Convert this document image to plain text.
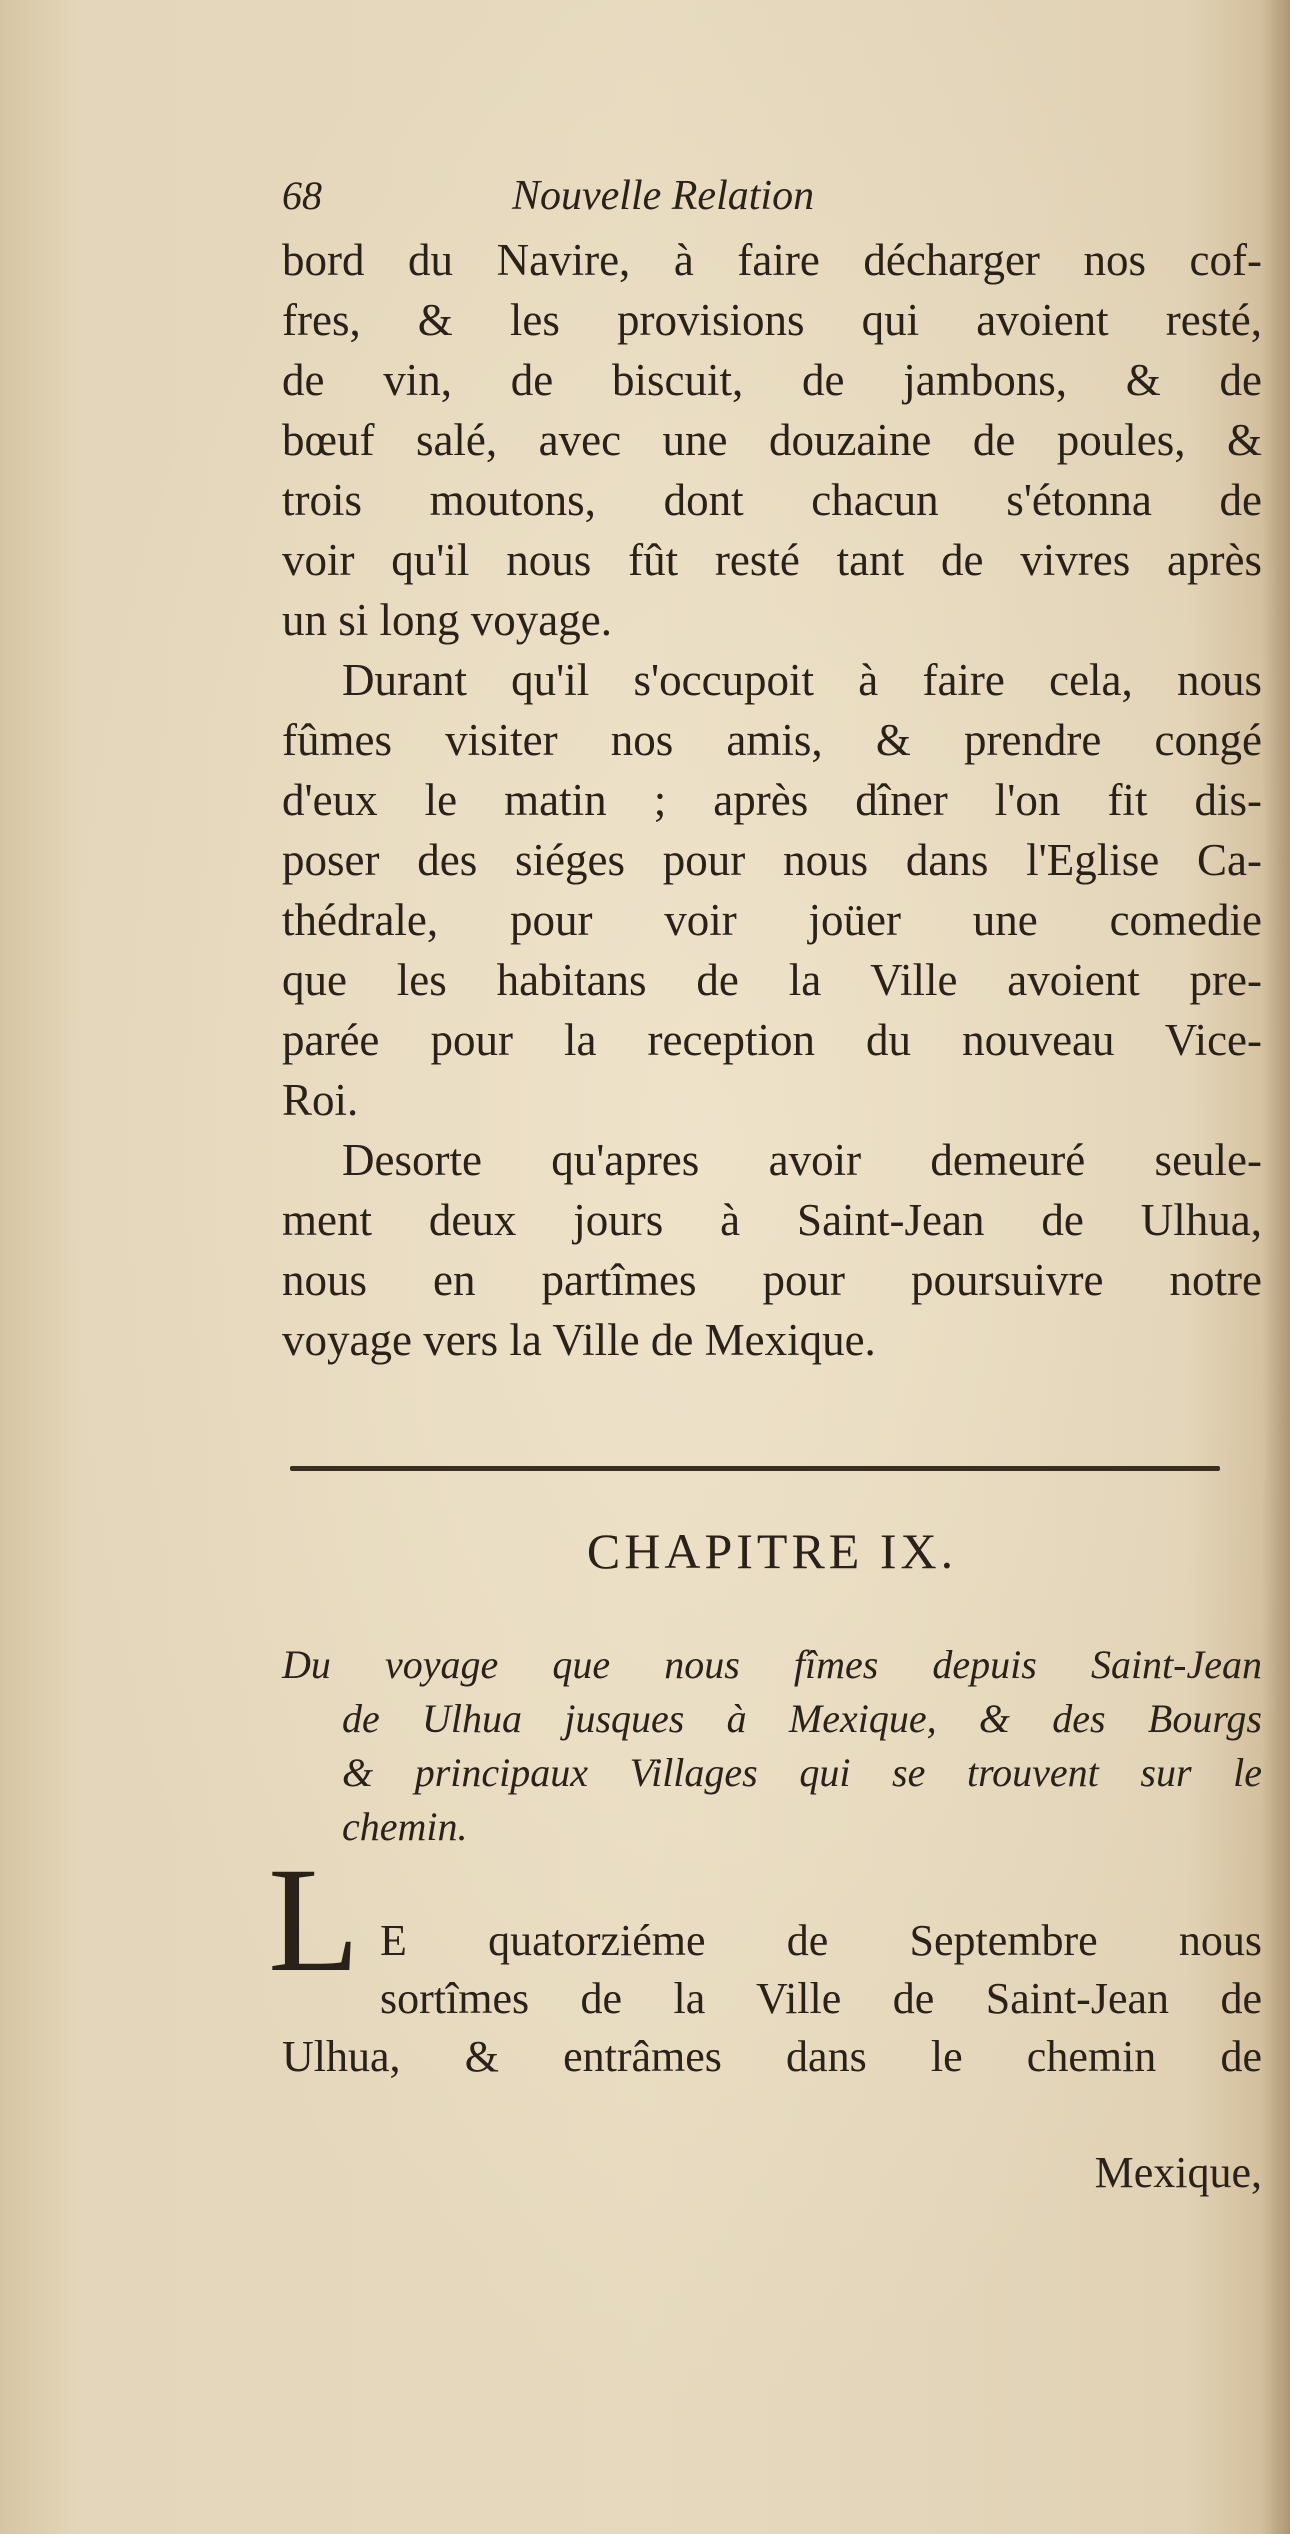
68	Nouvelle Relation
bord du Navire, à faire décharger nos cof-
fres, & les provisions qui avoient resté,
de vin, de biscuit, de jambons, & de
bœuf salé, avec une douzaine de poules, &
trois moutons, dont chacun s'étonna de
voir qu'il nous fût resté tant de vivres après
un si long voyage.
Durant qu'il s'occupoit à faire cela, nous
fûmes visiter nos amis, & prendre congé
d'eux le matin ; après dîner l'on fit dis-
poser des siéges pour nous dans l'Eglise Ca-
thédrale, pour voir joüer une comedie
que les habitans de la Ville avoient pre-
parée pour la reception du nouveau Vice-
Roi.
Desorte qu'apres avoir demeuré seule-
ment deux jours à Saint-Jean de Ulhua,
nous en partîmes pour poursuivre notre
voyage vers la Ville de Mexique.
CHAPITRE IX.
Du voyage que nous fîmes depuis Saint-Jean
de Ulhua jusques à Mexique, & des Bourgs
& principaux Villages qui se trouvent sur le
chemin.
L E quatorziéme de Septembre nous
sortîmes de la Ville de Saint-Jean de
Ulhua, & entrâmes dans le chemin de
Mexique,
